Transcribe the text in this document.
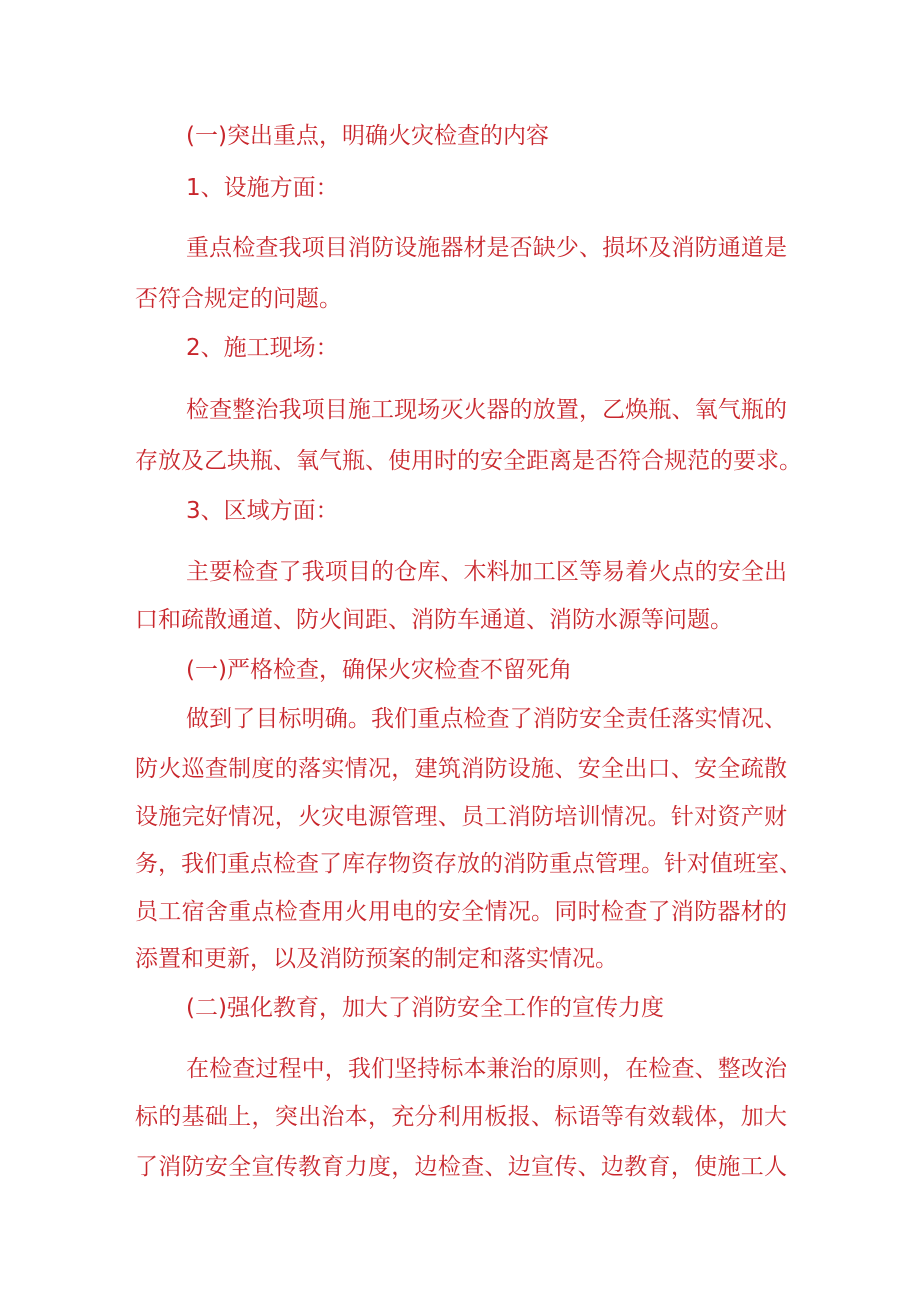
(一)突出重点，明确火灾检查的内容

1、设施方面：

重点检查我项目消防设施器材是否缺少、损坏及消防通道是

否符合规定的问题。

2、施工现场：

检查整治我项目施工现场灭火器的放置，乙焕瓶、氧气瓶的

存放及乙块瓶、氧气瓶、使用时的安全距离是否符合规范的要求。

3、区域方面：

主要检查了我项目的仓库、木料加工区等易着火点的安全出

口和疏散通道、防火间距、消防车通道、消防水源等问题。

(一)严格检查，确保火灾检查不留死角

做到了目标明确。我们重点检查了消防安全责任落实情况、

防火巡查制度的落实情况，建筑消防设施、安全出口、安全疏散

设施完好情况，火灾电源管理、员工消防培训情况。针对资产财

务，我们重点检查了库存物资存放的消防重点管理。针对值班室、

员工宿舍重点检查用火用电的安全情况。同时检查了消防器材的

添置和更新，以及消防预案的制定和落实情况。

(二)强化教育，加大了消防安全工作的宣传力度

在检查过程中，我们坚持标本兼治的原则，在检查、整改治

标的基础上，突出治本，充分利用板报、标语等有效载体，加大

了消防安全宣传教育力度，边检查、边宣传、边教育，使施工人
